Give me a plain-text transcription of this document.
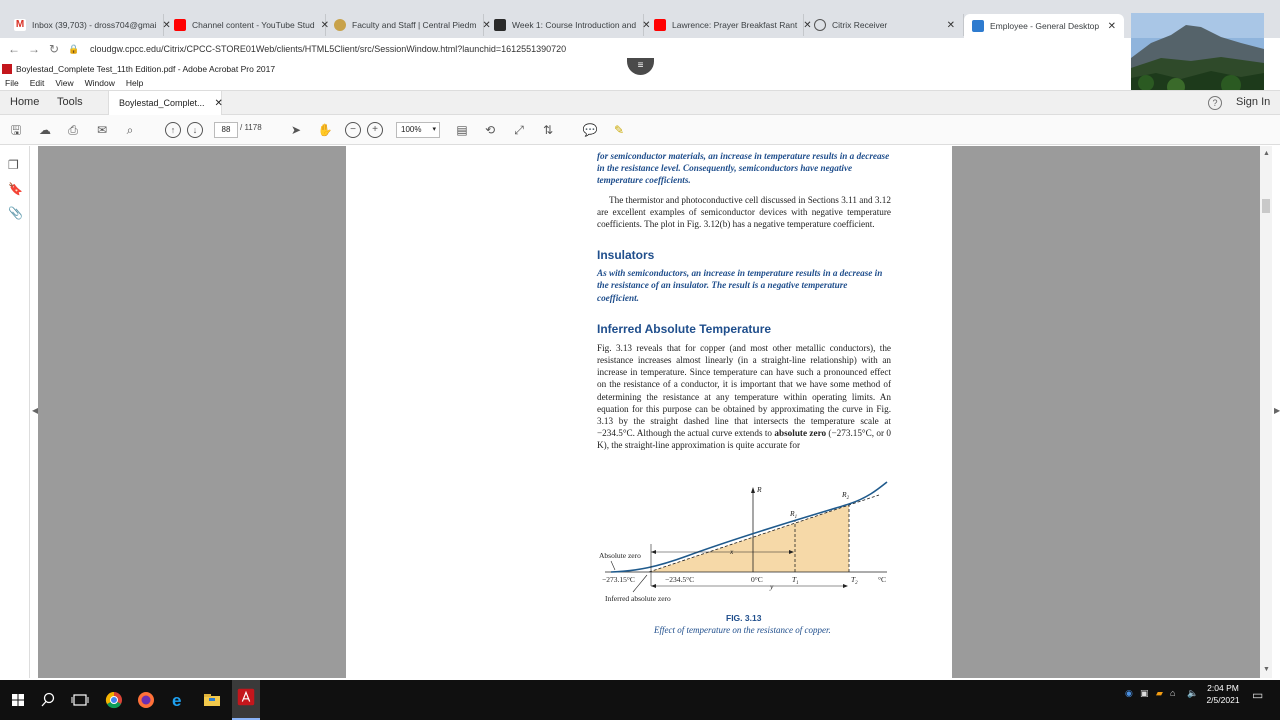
M Inbox (39,703) - dross704@gmai ✕ Channel content - YouTube Stud ✕	Faculty and Staff | Central Piedm ✕ Week 1: Course Introduction and ✕	Lawrence: Prayer Breakfast Rant ✕ Citrix Receiver	✕	Employee - General Desktop ✕
← → ↻	🔒	cloudgw.cpcc.edu/Citrix/CPCC-STORE01Web/clients/HTML5Client/src/SessionWindow.html?launchid=1612551390720
Boylestad_Complete Test_11th Edition.pdf - Adobe Acrobat Pro 2017	≡
File Edit View Window Help
Home Tools	Boylestad_Complet... ✕	?	Sign In
🖫 ☁ ⎙ ✉	⌕	↑	↓	88	/ 1178 ➤ ✋	−	+	100% ▾ ▤ ⟲ ⤢ ⇅ 💬 ✎
❐
🔖
📎
◀
▲
▼
▶

for semiconductor materials, an increase in temperature results in a decrease in the resistance level. Consequently, semiconductors have negative temperature coefficients.

The thermistor and photoconductive cell discussed in Sections 3.11 and 3.12 are excellent examples of semiconductor devices with negative temperature coefficients. The plot in Fig. 3.12(b) has a negative temperature coefficient.

Insulators

As with semiconductors, an increase in temperature results in a decrease in the resistance of an insulator. The result is a negative temperature coefficient.

Inferred Absolute Temperature

Fig. 3.13 reveals that for copper (and most other metallic conductors), the resistance increases almost linearly (in a straight-line relationship) with an increase in temperature. Since temperature can have such a pronounced effect on the resistance of a conductor, it is important that we have some method of determining the resistance at any temperature within operating limits. An equation for this purpose can be obtained by approximating the curve in Fig. 3.13 by the straight dashed line that intersects the temperature scale at −234.5°C. Although the actual curve extends to absolute zero (−273.15°C, or 0 K), the straight-line approximation is quite accurate for

R
$R_1$
$R_2$
Absolute zero
−273.15°C	−234.5°C	0°C	$T_1$	$T_2$	°C
x
y
Inferred absolute zero
FIG. 3.13
Effect of temperature on the resistance of copper.
e	◉ ▣ ▰ ⌂ 🔈 2:04 PM
2/5/2021 ▭
